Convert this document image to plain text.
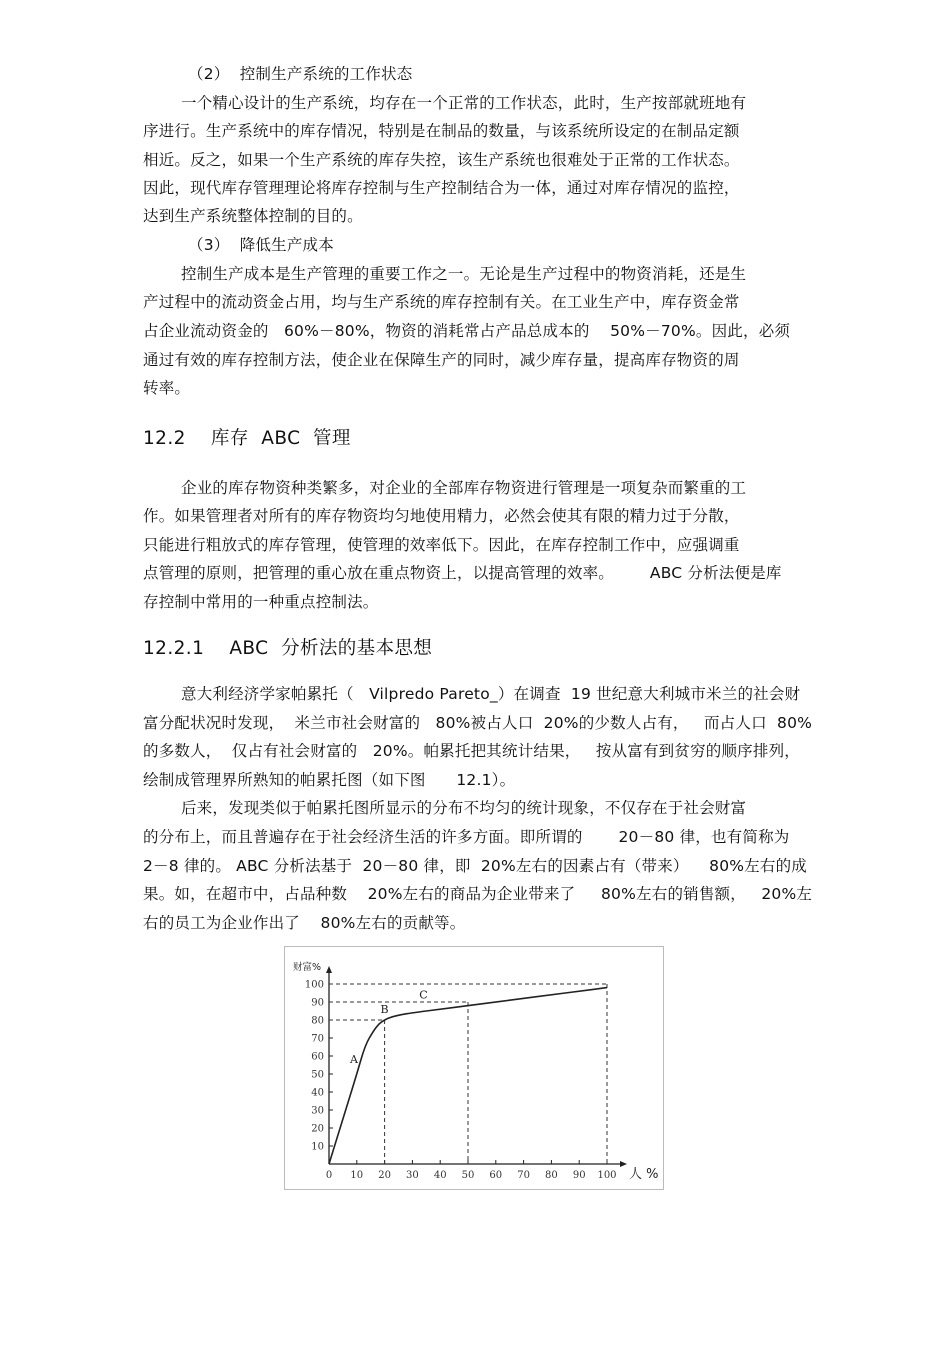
（2）  控制生产系统的工作状态
一个精心设计的生产系统，均存在一个正常的工作状态，此时，生产按部就班地有
序进行。生产系统中的库存情况，特别是在制品的数量，与该系统所设定的在制品定额
相近。反之，如果一个生产系统的库存失控，该生产系统也很难处于正常的工作状态。
因此，现代库存管理理论将库存控制与生产控制结合为一体，通过对库存情况的监控，
达到生产系统整体控制的目的。
（3）  降低生产成本
控制生产成本是生产管理的重要工作之一。无论是生产过程中的物资消耗，还是生
产过程中的流动资金占用，均与生产系统的库存控制有关。在工业生产中，库存资金常
占企业流动资金的   60%－80%，物资的消耗常占产品总成本的    50%－70%。因此，必须
通过有效的库存控制方法，使企业在保障生产的同时，减少库存量，提高库存物资的周
转率。
12.2    库存  ABC  管理
企业的库存物资种类繁多，对企业的全部库存物资进行管理是一项复杂而繁重的工
作。如果管理者对所有的库存物资均匀地使用精力，必然会使其有限的精力过于分散，
只能进行粗放式的库存管理，使管理的效率低下。因此，在库存控制工作中，应强调重
点管理的原则，把管理的重心放在重点物资上，以提高管理的效率。       ABC 分析法便是库
存控制中常用的一种重点控制法。
12.2.1    ABC  分析法的基本思想
意大利经济学家帕累托（   Vilpredo Pareto_）在调查  19 世纪意大利城市米兰的社会财
富分配状况时发现，  米兰市社会财富的   80%被占人口  20%的少数人占有，   而占人口  80%
的多数人，  仅占有社会财富的   20%。帕累托把其统计结果，   按从富有到贫穷的顺序排列，
绘制成管理界所熟知的帕累托图（如下图      12.1）。
后来，发现类似于帕累托图所显示的分布不均匀的统计现象，不仅存在于社会财富
的分布上，而且普遍存在于社会经济生活的许多方面。即所谓的       20－80 律，也有简称为
2－8 律的。 ABC 分析法基于  20－80 律，即  20%左右的因素占有（带来）    80%左右的成
果。如，在超市中，占品种数    20%左右的商品为企业带来了     80%左右的销售额，   20%左
右的员工为企业作出了    80%左右的贡献等。
10
20
30
40
50
60
70
80
90
100
0 10 20 30 40 50 60 70 80 90 100
财富%
人 %
A
B
C
